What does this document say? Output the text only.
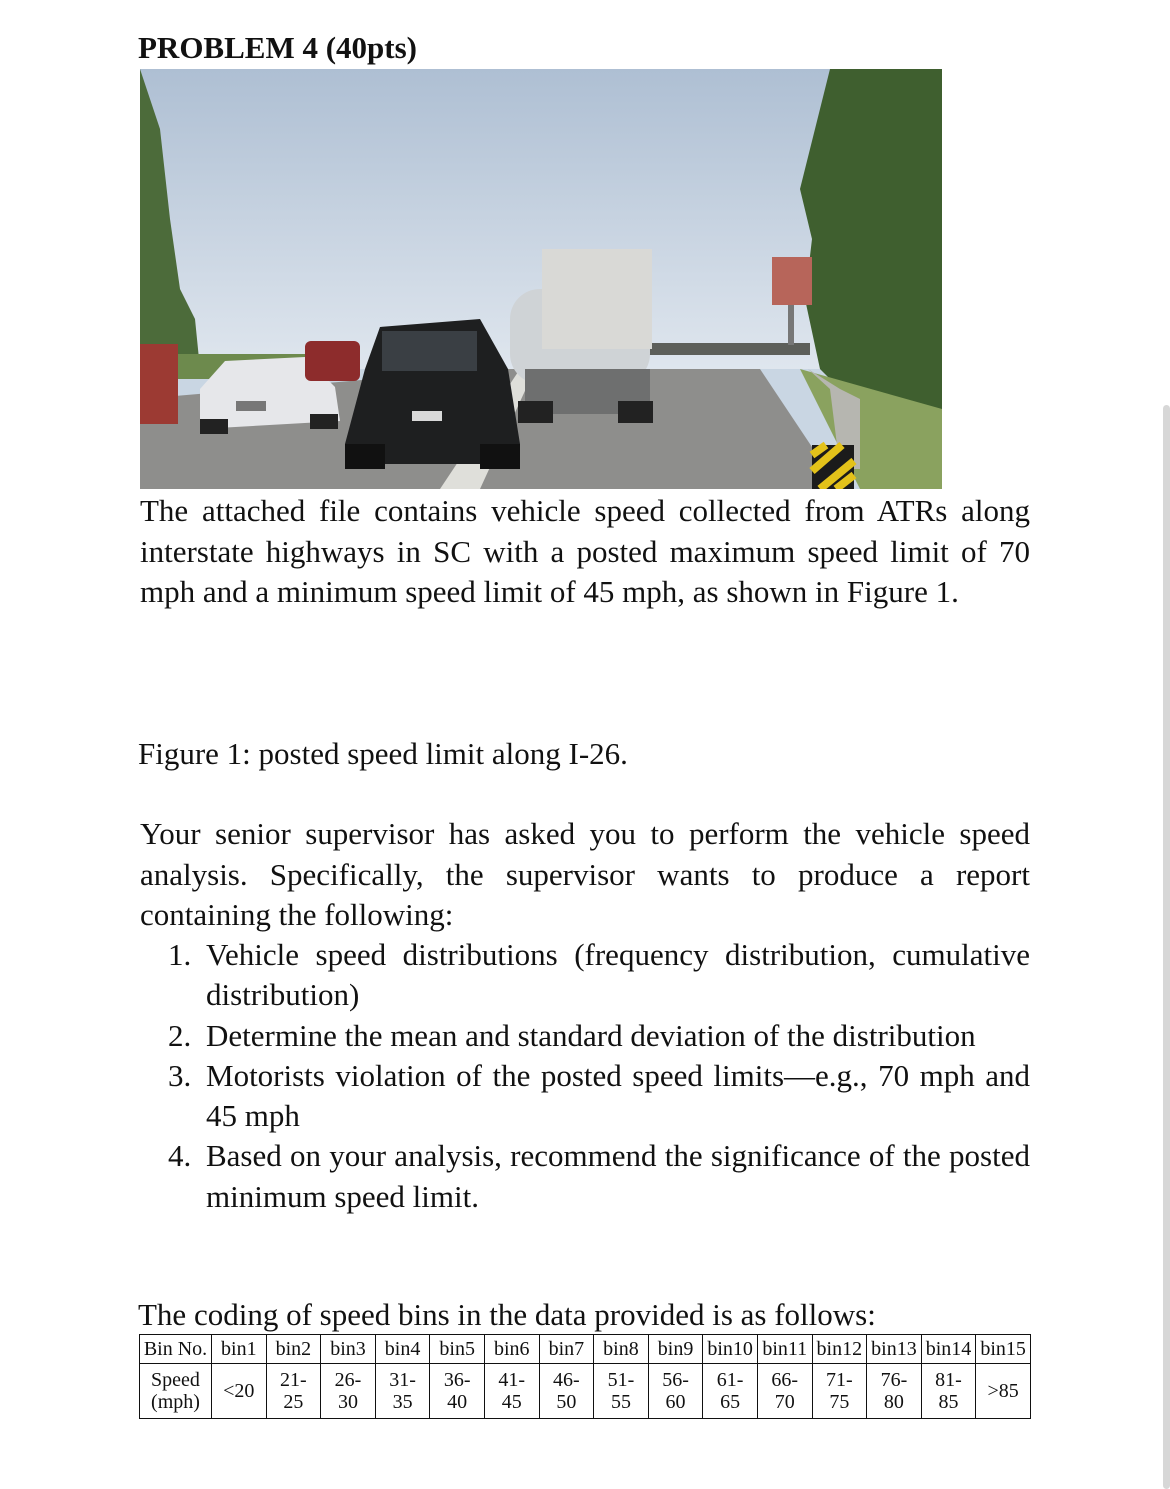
PROBLEM 4 (40pts)

The attached file contains vehicle speed collected from ATRs along interstate highways in SC with a posted maximum speed limit of 70 mph and a minimum speed limit of 45 mph, as shown in Figure 1.

Figure 1: posted speed limit along I-26.

Your senior supervisor has asked you to perform the vehicle speed analysis. Specifically, the supervisor wants to produce a report containing the following:

1. Vehicle speed distributions (frequency distribution, cumulative distribution)
2. Determine the mean and standard deviation of the distribution
3. Motorists violation of the posted speed limits—e.g., 70 mph and 45 mph
4. Based on your analysis, recommend the significance of the posted minimum speed limit.

The coding of speed bins in the data provided is as follows:

Bin No.	bin1	bin2	bin3	bin4	bin5	bin6	bin7	bin8	bin9	bin10	bin11	bin12	bin13	bin14	bin15
Speed (mph)	<20	21- 25	26- 30	31- 35	36- 40	41- 45	46- 50	51- 55	56- 60	61- 65	66- 70	71- 75	76- 80	81- 85	>85
